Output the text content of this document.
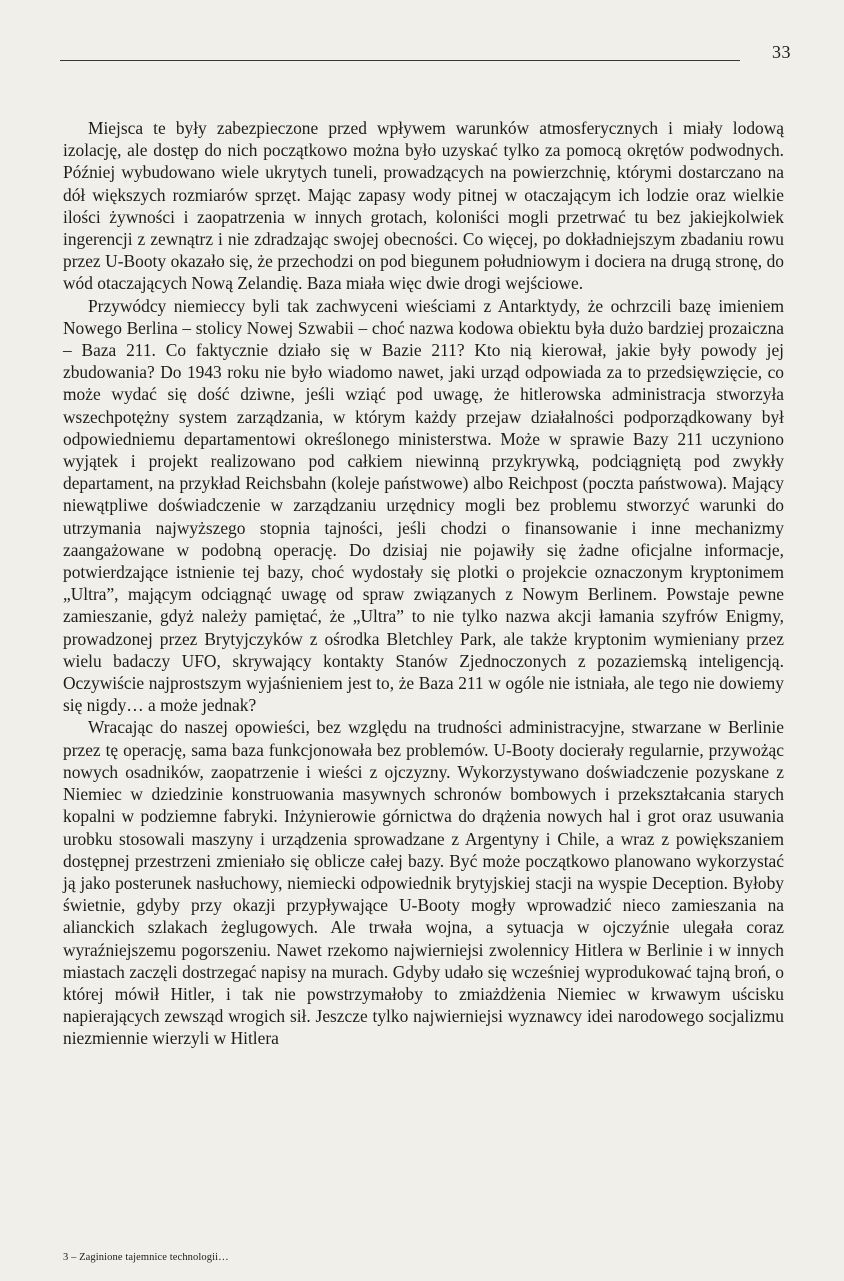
33

Miejsca te były zabezpieczone przed wpływem warunków atmosferycznych i miały lodową izolację, ale dostęp do nich początkowo można było uzyskać tylko za pomocą okrętów podwodnych. Później wybudowano wiele ukrytych tuneli, prowadzących na powierzchnię, którymi dostarczano na dół większych rozmiarów sprzęt. Mając zapasy wody pitnej w otaczającym ich lodzie oraz wielkie ilości żywności i zaopatrzenia w innych grotach, koloniści mogli przetrwać tu bez jakiejkolwiek ingerencji z zewnątrz i nie zdradzając swojej obecności. Co więcej, po dokładniejszym zbadaniu rowu przez U-Booty okazało się, że przechodzi on pod biegunem południowym i dociera na drugą stronę, do wód otaczających Nową Zelandię. Baza miała więc dwie drogi wejściowe.

Przywódcy niemieccy byli tak zachwyceni wieściami z Antarktydy, że ochrzcili bazę imieniem Nowego Berlina – stolicy Nowej Szwabii – choć nazwa kodowa obiektu była dużo bardziej prozaiczna – Baza 211. Co faktycznie działo się w Bazie 211? Kto nią kierował, jakie były powody jej zbudowania? Do 1943 roku nie było wiadomo nawet, jaki urząd odpowiada za to przedsięwzięcie, co może wydać się dość dziwne, jeśli wziąć pod uwagę, że hitlerowska administracja stworzyła wszechpotężny system zarządzania, w którym każdy przejaw działalności podporządkowany był odpowiedniemu departamentowi określonego ministerstwa. Może w sprawie Bazy 211 uczyniono wyjątek i projekt realizowano pod całkiem niewinną przykrywką, podciągniętą pod zwykły departament, na przykład Reichsbahn (koleje państwowe) albo Reichpost (poczta państwowa). Mający niewątpliwe doświadczenie w zarządzaniu urzędnicy mogli bez problemu stworzyć warunki do utrzymania najwyższego stopnia tajności, jeśli chodzi o finansowanie i inne mechanizmy zaangażowane w podobną operację. Do dzisiaj nie pojawiły się żadne oficjalne informacje, potwierdzające istnienie tej bazy, choć wydostały się plotki o projekcie oznaczonym kryptonimem „Ultra”, mającym odciągnąć uwagę od spraw związanych z Nowym Berlinem. Powstaje pewne zamieszanie, gdyż należy pamiętać, że „Ultra” to nie tylko nazwa akcji łamania szyfrów Enigmy, prowadzonej przez Brytyjczyków z ośrodka Bletchley Park, ale także kryptonim wymieniany przez wielu badaczy UFO, skrywający kontakty Stanów Zjednoczonych z pozaziemską inteligencją. Oczywiście najprostszym wyjaśnieniem jest to, że Baza 211 w ogóle nie istniała, ale tego nie dowiemy się nigdy… a może jednak?

Wracając do naszej opowieści, bez względu na trudności administracyjne, stwarzane w Berlinie przez tę operację, sama baza funkcjonowała bez problemów. U-Booty docierały regularnie, przywożąc nowych osadników, zaopatrzenie i wieści z ojczyzny. Wykorzystywano doświadczenie pozyskane z Niemiec w dziedzinie konstruowania masywnych schronów bombowych i przekształcania starych kopalni w podziemne fabryki. Inżynierowie górnictwa do drążenia nowych hal i grot oraz usuwania urobku stosowali maszyny i urządzenia sprowadzane z Argentyny i Chile, a wraz z powiększaniem dostępnej przestrzeni zmieniało się oblicze całej bazy. Być może początkowo planowano wykorzystać ją jako posterunek nasłuchowy, niemiecki odpowiednik brytyjskiej stacji na wyspie Deception. Byłoby świetnie, gdyby przy okazji przypływające U-Booty mogły wprowadzić nieco zamieszania na alianckich szlakach żeglugowych. Ale trwała wojna, a sytuacja w ojczyźnie ulegała coraz wyraźniejszemu pogorszeniu. Nawet rzekomo najwierniejsi zwolennicy Hitlera w Berlinie i w innych miastach zaczęli dostrzegać napisy na murach. Gdyby udało się wcześniej wyprodukować tajną broń, o której mówił Hitler, i tak nie powstrzymałoby to zmiażdżenia Niemiec w krwawym uścisku napierających zewsząd wrogich sił. Jeszcze tylko najwierniejsi wyznawcy idei narodowego socjalizmu niezmiennie wierzyli w Hitlera

3 – Zaginione tajemnice technologii…
